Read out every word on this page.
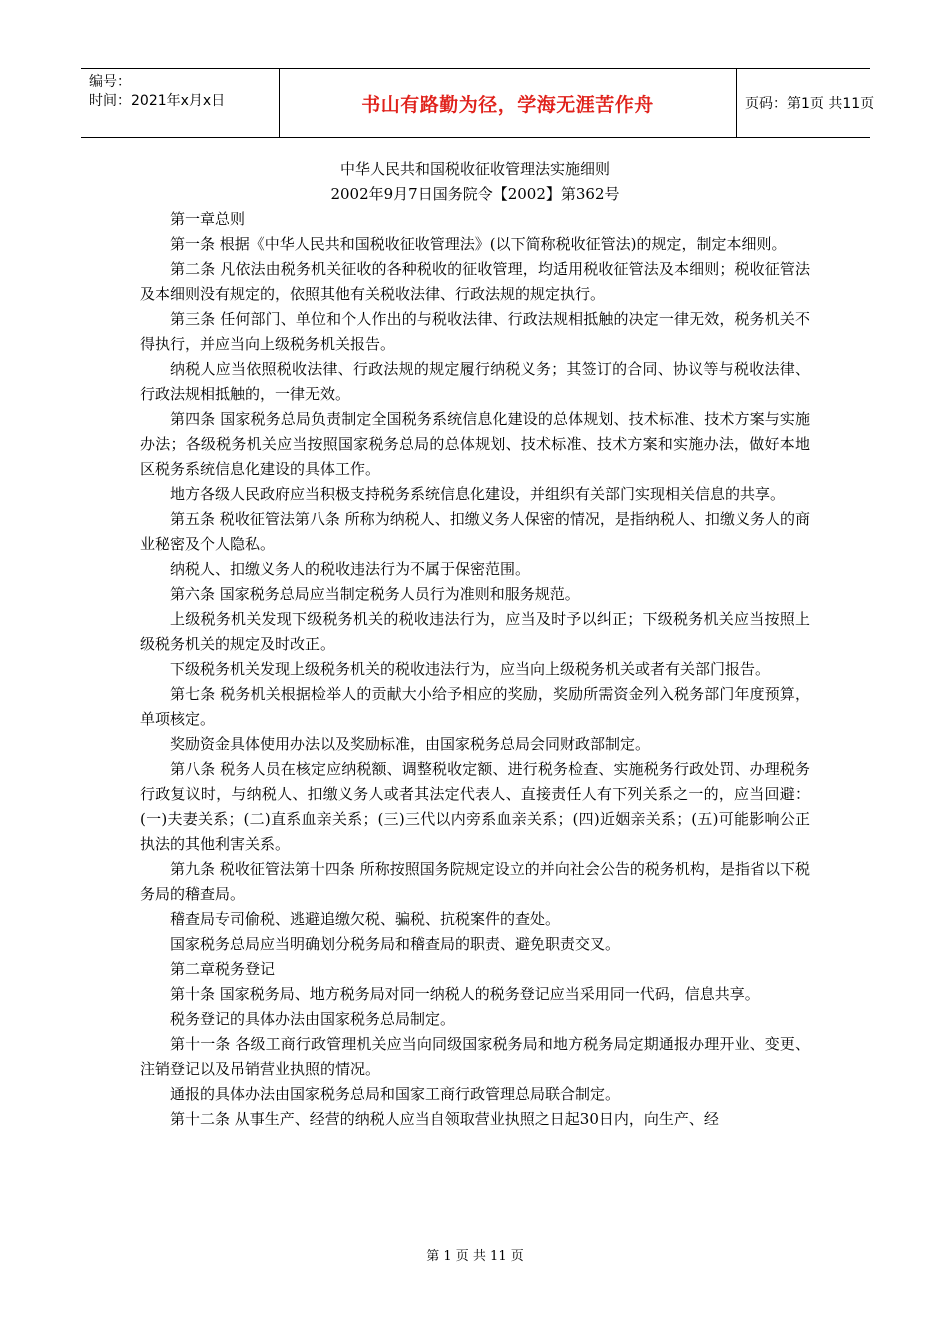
编号：
时间：2021年x月x日	书山有路勤为径，学海无涯苦作舟	页码：第1页 共11页
中华人民共和国税收征收管理法实施细则
2002年9月7日国务院令【2002】第362号

第一章总则

第一条 根据《中华人民共和国税收征收管理法》(以下简称税收征管法)的规定，制定本细则。

第二条 凡依法由税务机关征收的各种税收的征收管理，均适用税收征管法及本细则；税收征管法及本细则没有规定的，依照其他有关税收法律、行政法规的规定执行。

第三条 任何部门、单位和个人作出的与税收法律、行政法规相抵触的决定一律无效，税务机关不得执行，并应当向上级税务机关报告。

纳税人应当依照税收法律、行政法规的规定履行纳税义务；其签订的合同、协议等与税收法律、行政法规相抵触的，一律无效。

第四条 国家税务总局负责制定全国税务系统信息化建设的总体规划、技术标准、技术方案与实施办法；各级税务机关应当按照国家税务总局的总体规划、技术标准、技术方案和实施办法，做好本地区税务系统信息化建设的具体工作。

地方各级人民政府应当积极支持税务系统信息化建设，并组织有关部门实现相关信息的共享。

第五条 税收征管法第八条 所称为纳税人、扣缴义务人保密的情况，是指纳税人、扣缴义务人的商业秘密及个人隐私。

纳税人、扣缴义务人的税收违法行为不属于保密范围。

第六条 国家税务总局应当制定税务人员行为准则和服务规范。

上级税务机关发现下级税务机关的税收违法行为，应当及时予以纠正；下级税务机关应当按照上级税务机关的规定及时改正。

下级税务机关发现上级税务机关的税收违法行为，应当向上级税务机关或者有关部门报告。

第七条 税务机关根据检举人的贡献大小给予相应的奖励，奖励所需资金列入税务部门年度预算，单项核定。

奖励资金具体使用办法以及奖励标准，由国家税务总局会同财政部制定。

第八条 税务人员在核定应纳税额、调整税收定额、进行税务检查、实施税务行政处罚、办理税务行政复议时，与纳税人、扣缴义务人或者其法定代表人、直接责任人有下列关系之一的，应当回避：(一)夫妻关系；(二)直系血亲关系；(三)三代以内旁系血亲关系；(四)近姻亲关系；(五)可能影响公正执法的其他利害关系。

第九条 税收征管法第十四条 所称按照国务院规定设立的并向社会公告的税务机构，是指省以下税务局的稽查局。

稽查局专司偷税、逃避追缴欠税、骗税、抗税案件的查处。

国家税务总局应当明确划分税务局和稽查局的职责、避免职责交叉。

第二章税务登记

第十条 国家税务局、地方税务局对同一纳税人的税务登记应当采用同一代码，信息共享。

税务登记的具体办法由国家税务总局制定。

第十一条 各级工商行政管理机关应当向同级国家税务局和地方税务局定期通报办理开业、变更、注销登记以及吊销营业执照的情况。

通报的具体办法由国家税务总局和国家工商行政管理总局联合制定。

第十二条 从事生产、经营的纳税人应当自领取营业执照之日起30日内，向生产、经

第 1 页 共 11 页
